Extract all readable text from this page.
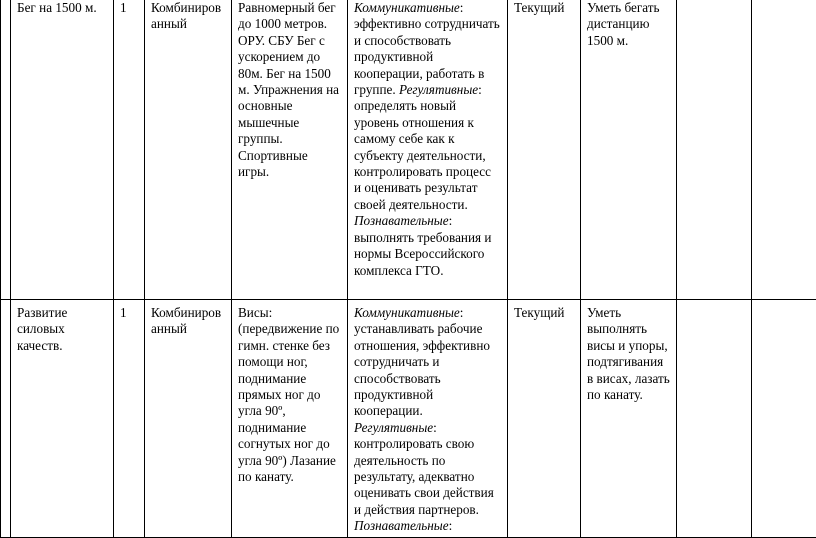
	Бег на 1500 м.	1	Комбинированный	Равномерный бег до 1000 метров. ОРУ. СБУ Бег с ускорением до 80м. Бег на 1500 м. Упражнения на основные мышечные группы. Спортивные игры.	Коммуникативные: эффективно сотрудничать и способствовать продуктивной кооперации, работать в группе. Регулятивные: определять новый уровень отношения к самому себе как к субъекту деятельности, контролировать процесс и оценивать результат своей деятельности. Познавательные: выполнять требования и нормы Всероссийского комплекса ГТО.	Текущий	Уметь бегать дистанцию 1500 м.		
	Развитие силовых качеств.	1	Комбинированный	Висы: (передвижение по гимн. стенке без помощи ног, поднимание прямых ног до угла 90º, поднимание согнутых ног до угла 90º) Лазание по канату.	Коммуникативные: устанавливать рабочие отношения, эффективно сотрудничать и способствовать продуктивной кооперации. Регулятивные: контролировать свою деятельность по результату, адекватно оценивать свои действия и действия партнеров. Познавательные:	Текущий	Уметь выполнять висы и упоры, подтягивания в висах, лазать по канату.		
